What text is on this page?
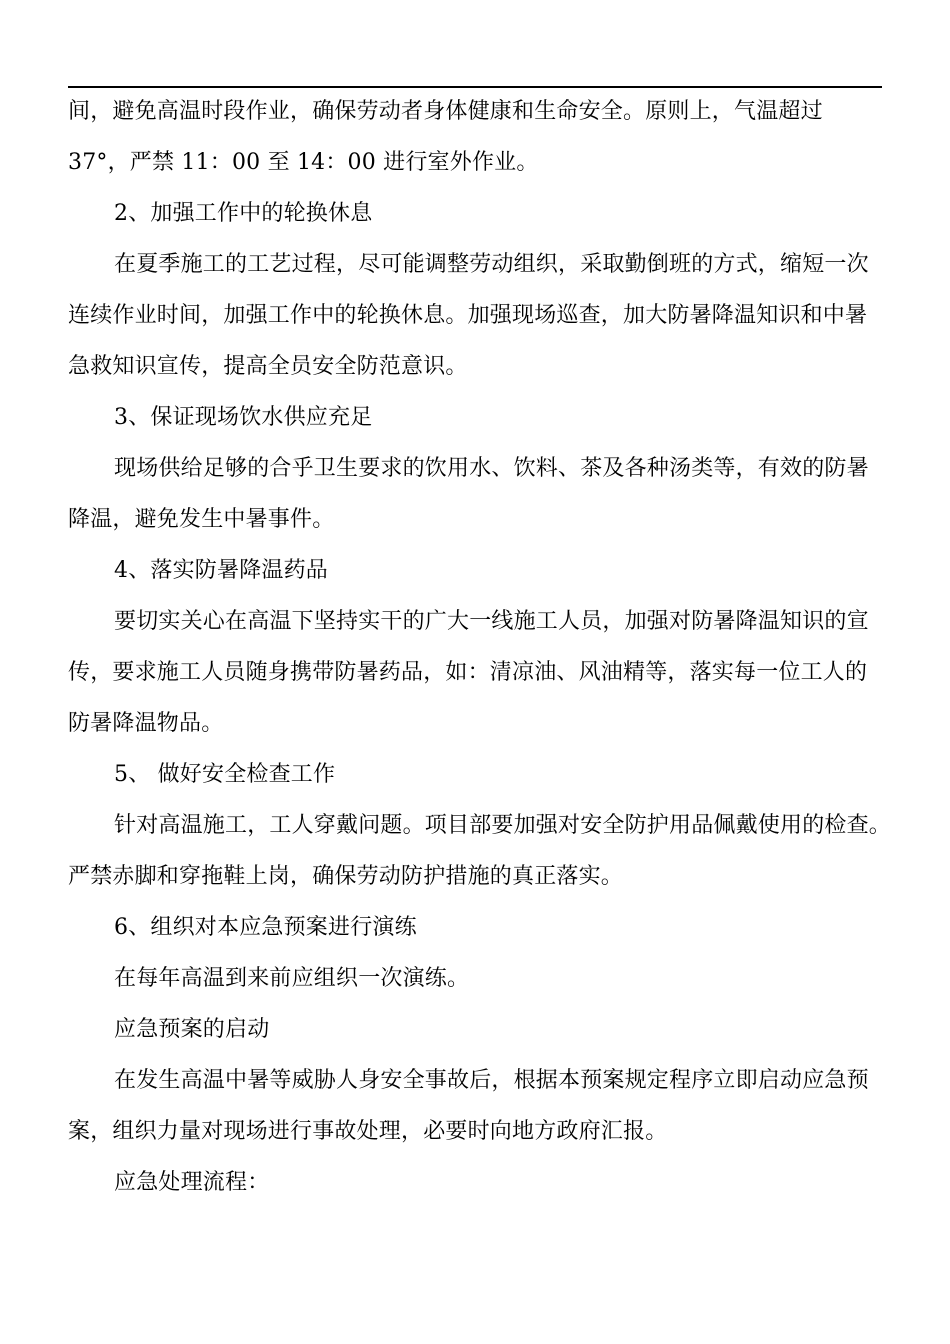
间，避免高温时段作业，确保劳动者身体健康和生命安全。原则上，气温超过
37°，严禁 11：00 至 14：00 进行室外作业。
2、加强工作中的轮换休息
在夏季施工的工艺过程，尽可能调整劳动组织，采取勤倒班的方式，缩短一次
连续作业时间，加强工作中的轮换休息。加强现场巡查，加大防暑降温知识和中暑
急救知识宣传，提高全员安全防范意识。
3、保证现场饮水供应充足
现场供给足够的合乎卫生要求的饮用水、饮料、茶及各种汤类等，有效的防暑
降温，避免发生中暑事件。
4、落实防暑降温药品
要切实关心在高温下坚持实干的广大一线施工人员，加强对防暑降温知识的宣
传，要求施工人员随身携带防暑药品，如：清凉油、风油精等，落实每一位工人的
防暑降温物品。
5、 做好安全检查工作
针对高温施工，工人穿戴问题。项目部要加强对安全防护用品佩戴使用的检查。
严禁赤脚和穿拖鞋上岗，确保劳动防护措施的真正落实。
6、组织对本应急预案进行演练
在每年高温到来前应组织一次演练。
应急预案的启动
在发生高温中暑等威胁人身安全事故后，根据本预案规定程序立即启动应急预
案，组织力量对现场进行事故处理，必要时向地方政府汇报。
应急处理流程：
